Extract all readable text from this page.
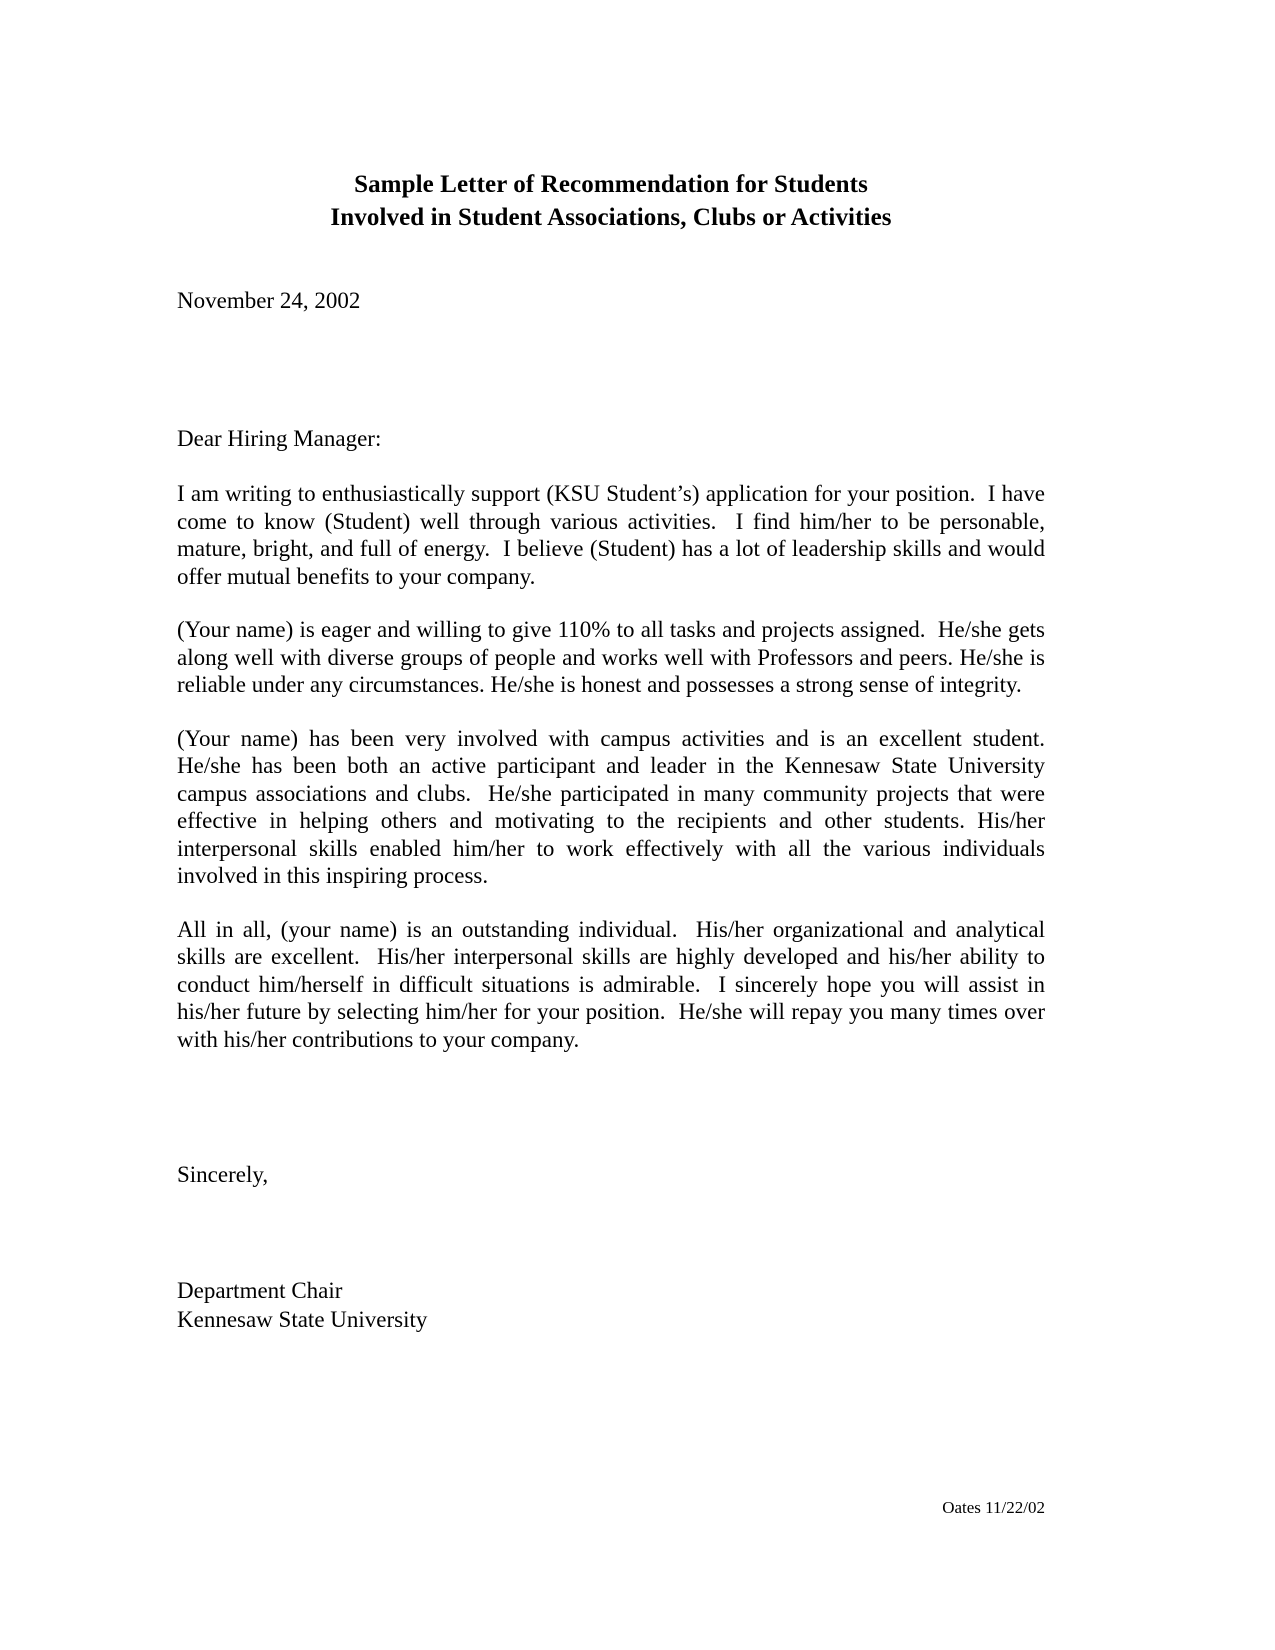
Sample Letter of Recommendation for Students
Involved in Student Associations, Clubs or Activities
November 24, 2002
Dear Hiring Manager:

I am writing to enthusiastically support (KSU Student’s) application for your position.  I have come to know (Student) well through various activities.  I find him/her to be personable, mature, bright, and full of energy.  I believe (Student) has a lot of leadership skills and would offer mutual benefits to your company.

(Your name) is eager and willing to give 110% to all tasks and projects assigned.  He/she gets along well with diverse groups of people and works well with Professors and peers. He/she is reliable under any circumstances. He/she is honest and possesses a strong sense of integrity.

(Your name) has been very involved with campus activities and is an excellent student. He/she has been both an active participant and leader in the Kennesaw State University campus associations and clubs.  He/she participated in many community projects that were effective in helping others and motivating to the recipients and other students. His/her interpersonal skills enabled him/her to work effectively with all the various individuals involved in this inspiring process.

All in all, (your name) is an outstanding individual.  His/her organizational and analytical skills are excellent.  His/her interpersonal skills are highly developed and his/her ability to conduct him/herself in difficult situations is admirable.  I sincerely hope you will assist in his/her future by selecting him/her for your position.  He/she will repay you many times over with his/her contributions to your company.

Sincerely,
Department Chair
Kennesaw State University
Oates 11/22/02
